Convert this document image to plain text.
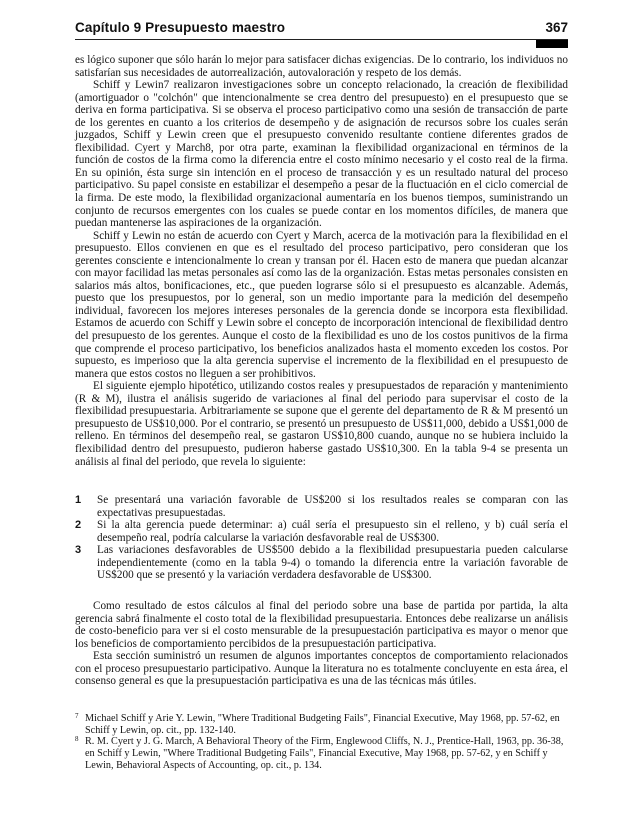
Capítulo 9 Presupuesto maestro	367

es lógico suponer que sólo harán lo mejor para satisfacer dichas exigencias. De lo contrario, los individuos no satisfarían sus necesidades de autorrealización, autovaloración y respeto de los demás.

Schiff y Lewin7 realizaron investigaciones sobre un concepto relacionado, la creación de flexibilidad (amortiguador o "colchón" que intencionalmente se crea dentro del presupuesto) en el presupuesto que se deriva en forma participativa. Si se observa el proceso participativo como una sesión de transacción de parte de los gerentes en cuanto a los criterios de desempeño y de asignación de recursos sobre los cuales serán juzgados, Schiff y Lewin creen que el presupuesto convenido resultante contiene diferentes grados de flexibilidad. Cyert y March8, por otra parte, examinan la flexibilidad organizacional en términos de la función de costos de la firma como la diferencia entre el costo mínimo necesario y el costo real de la firma. En su opinión, ésta surge sin intención en el proceso de transacción y es un resultado natural del proceso participativo. Su papel consiste en estabilizar el desempeño a pesar de la fluctuación en el ciclo comercial de la firma. De este modo, la flexibilidad organizacional aumentaría en los buenos tiempos, suministrando un conjunto de recursos emergentes con los cuales se puede contar en los momentos difíciles, de manera que puedan mantenerse las aspiraciones de la organización.

Schiff y Lewin no están de acuerdo con Cyert y March, acerca de la motivación para la flexibilidad en el presupuesto. Ellos convienen en que es el resultado del proceso participativo, pero consideran que los gerentes consciente e intencionalmente lo crean y transan por él. Hacen esto de manera que puedan alcanzar con mayor facilidad las metas personales así como las de la organización. Estas metas personales consisten en salarios más altos, bonificaciones, etc., que pueden lograrse sólo si el presupuesto es alcanzable. Además, puesto que los presupuestos, por lo general, son un medio importante para la medición del desempeño individual, favorecen los mejores intereses personales de la gerencia donde se incorpora esta flexibilidad. Estamos de acuerdo con Schiff y Lewin sobre el concepto de incorporación intencional de flexibilidad dentro del presupuesto de los gerentes. Aunque el costo de la flexibilidad es uno de los costos punitivos de la firma que comprende el proceso participativo, los beneficios analizados hasta el momento exceden los costos. Por supuesto, es imperioso que la alta gerencia supervise el incremento de la flexibilidad en el presupuesto de manera que estos costos no lleguen a ser prohibitivos.

El siguiente ejemplo hipotético, utilizando costos reales y presupuestados de reparación y mantenimiento (R & M), ilustra el análisis sugerido de variaciones al final del periodo para supervisar el costo de la flexibilidad presupuestaria. Arbitrariamente se supone que el gerente del departamento de R & M presentó un presupuesto de US$10,000. Por el contrario, se presentó un presupuesto de US$11,000, debido a US$1,000 de relleno. En términos del desempeño real, se gastaron US$10,800 cuando, aunque no se hubiera incluido la flexibilidad dentro del presupuesto, pudieron haberse gastado US$10,300. En la tabla 9-4 se presenta un análisis al final del periodo, que revela lo siguiente:

1 Se presentará una variación favorable de US$200 si los resultados reales se comparan con las expectativas presupuestadas.
2 Si la alta gerencia puede determinar: a) cuál sería el presupuesto sin el relleno, y b) cuál sería el desempeño real, podría calcularse la variación desfavorable real de US$300.
3 Las variaciones desfavorables de US$500 debido a la flexibilidad presupuestaria pueden calcularse independientemente (como en la tabla 9-4) o tomando la diferencia entre la variación favorable de US$200 que se presentó y la variación verdadera desfavorable de US$300.

Como resultado de estos cálculos al final del periodo sobre una base de partida por partida, la alta gerencia sabrá finalmente el costo total de la flexibilidad presupuestaria. Entonces debe realizarse un análisis de costo-beneficio para ver si el costo mensurable de la presupuestación participativa es mayor o menor que los beneficios de comportamiento percibidos de la presupuestación participativa.

Esta sección suministró un resumen de algunos importantes conceptos de comportamiento relacionados con el proceso presupuestario participativo. Aunque la literatura no es totalmente concluyente en esta área, el consenso general es que la presupuestación participativa es una de las técnicas más útiles.

7 Michael Schiff y Arie Y. Lewin, "Where Traditional Budgeting Fails", Financial Executive, May 1968, pp. 57-62, en Schiff y Lewin, op. cit., pp. 132-140.
8 R. M. Cyert y J. G. March, A Behavioral Theory of the Firm, Englewood Cliffs, N. J., Prentice-Hall, 1963, pp. 36-38, en Schiff y Lewin, "Where Traditional Budgeting Fails", Financial Executive, May 1968, pp. 57-62, y en Schiff y Lewin, Behavioral Aspects of Accounting, op. cit., p. 134.
